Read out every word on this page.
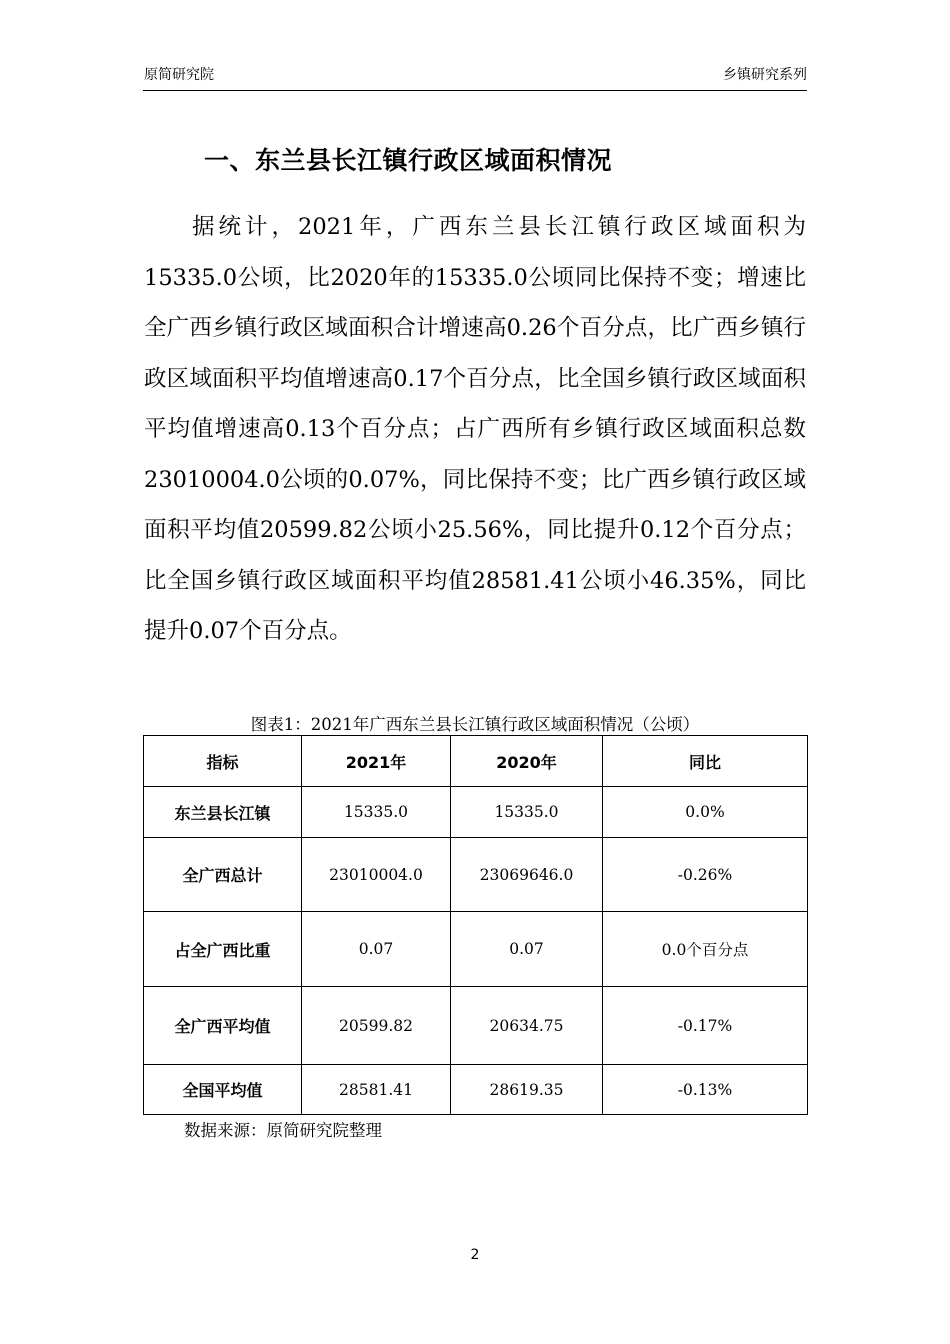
原简研究院	乡镇研究系列
一、东兰县长江镇行政区域面积情况

据统计，2021年，广西东兰县长江镇行政区域面积为15335.0公顷，比2020年的15335.0公顷同比保持不变；增速比全广西乡镇行政区域面积合计增速高0.26个百分点，比广西乡镇行政区域面积平均值增速高0.17个百分点，比全国乡镇行政区域面积平均值增速高0.13个百分点；占广西所有乡镇行政区域面积总数23010004.0公顷的0.07%，同比保持不变；比广西乡镇行政区域面积平均值20599.82公顷小25.56%，同比提升0.12个百分点；比全国乡镇行政区域面积平均值28581.41公顷小46.35%，同比提升0.07个百分点。

图表1：2021年广西东兰县长江镇行政区域面积情况（公顷）
指标	2021年	2020年	同比
东兰县长江镇	15335.0	15335.0	0.0%
全广西总计	23010004.0	23069646.0	-0.26%
占全广西比重	0.07	0.07	0.0个百分点
全广西平均值	20599.82	20634.75	-0.17%
全国平均值	28581.41	28619.35	-0.13%
数据来源：原简研究院整理
2
